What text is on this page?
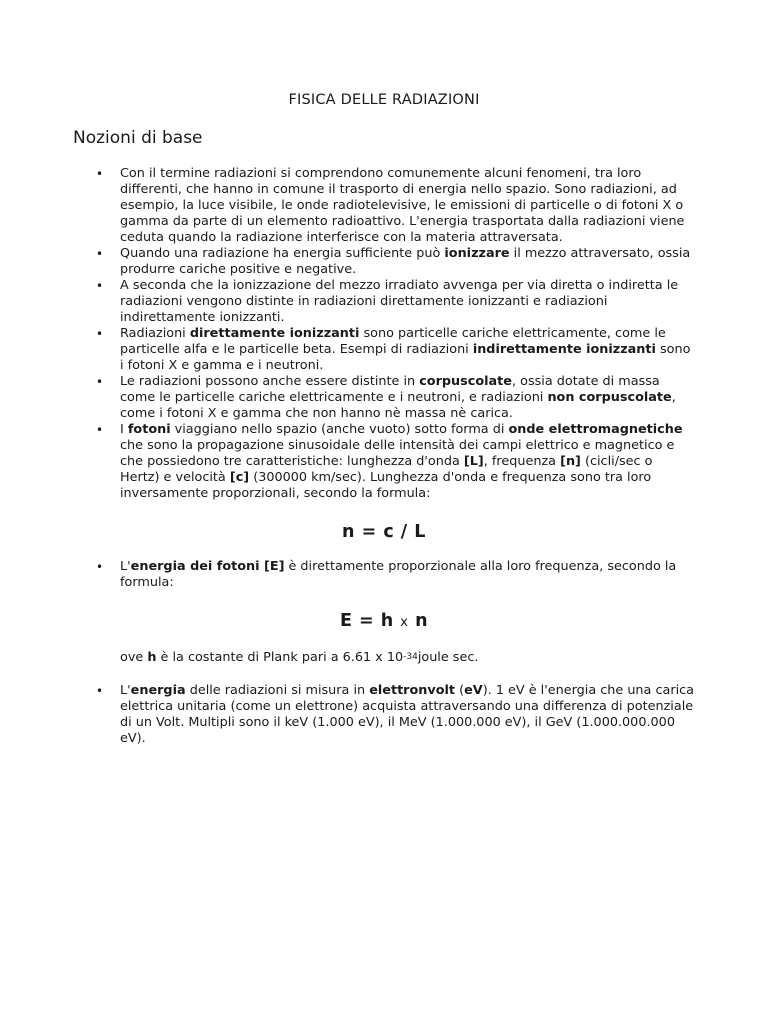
FISICA DELLE RADIAZIONI
Nozioni di base
• Con il termine radiazioni si comprendono comunemente alcuni fenomeni, tra loro differenti, che hanno in comune il trasporto di energia nello spazio. Sono radiazioni, ad esempio, la luce visibile, le onde radiotelevisive, le emissioni di particelle o di fotoni X o gamma da parte di un elemento radioattivo. L'energia trasportata dalla radiazioni viene ceduta quando la radiazione interferisce con la materia attraversata.
• Quando una radiazione ha energia sufficiente può ionizzare il mezzo attraversato, ossia produrre cariche positive e negative.
• A seconda che la ionizzazione del mezzo irradiato avvenga per via diretta o indiretta le radiazioni vengono distinte in radiazioni direttamente ionizzanti e radiazioni indirettamente ionizzanti.
• Radiazioni direttamente ionizzanti sono particelle cariche elettricamente, come le particelle alfa e le particelle beta. Esempi di radiazioni indirettamente ionizzanti sono i fotoni X e gamma e i neutroni.
• Le radiazioni possono anche essere distinte in corpuscolate, ossia dotate di massa come le particelle cariche elettricamente e i neutroni, e radiazioni non corpuscolate, come i fotoni X e gamma che non hanno nè massa nè carica.
• I fotoni viaggiano nello spazio (anche vuoto) sotto forma di onde elettromagnetiche che sono la propagazione sinusoidale delle intensità dei campi elettrico e magnetico e che possiedono tre caratteristiche: lunghezza d'onda [L], frequenza [n] (cicli/sec o Hertz) e velocità [c] (300000 km/sec). Lunghezza d'onda e frequenza sono tra loro inversamente proporzionali, secondo la formula:
n = c / L
• L'energia dei fotoni [E] è direttamente proporzionale alla loro frequenza, secondo la formula:
E = h x n
ove h è la costante di Plank pari a 6.61 x $10^{-34}joule$ sec.
• L'energia delle radiazioni si misura in elettronvolt (eV). 1 eV è l'energia che una carica elettrica unitaria (come un elettrone) acquista attraversando una differenza di potenziale di un Volt. Multipli sono il keV (1.000 eV), il MeV (1.000.000 eV), il GeV (1.000.000.000 eV).
